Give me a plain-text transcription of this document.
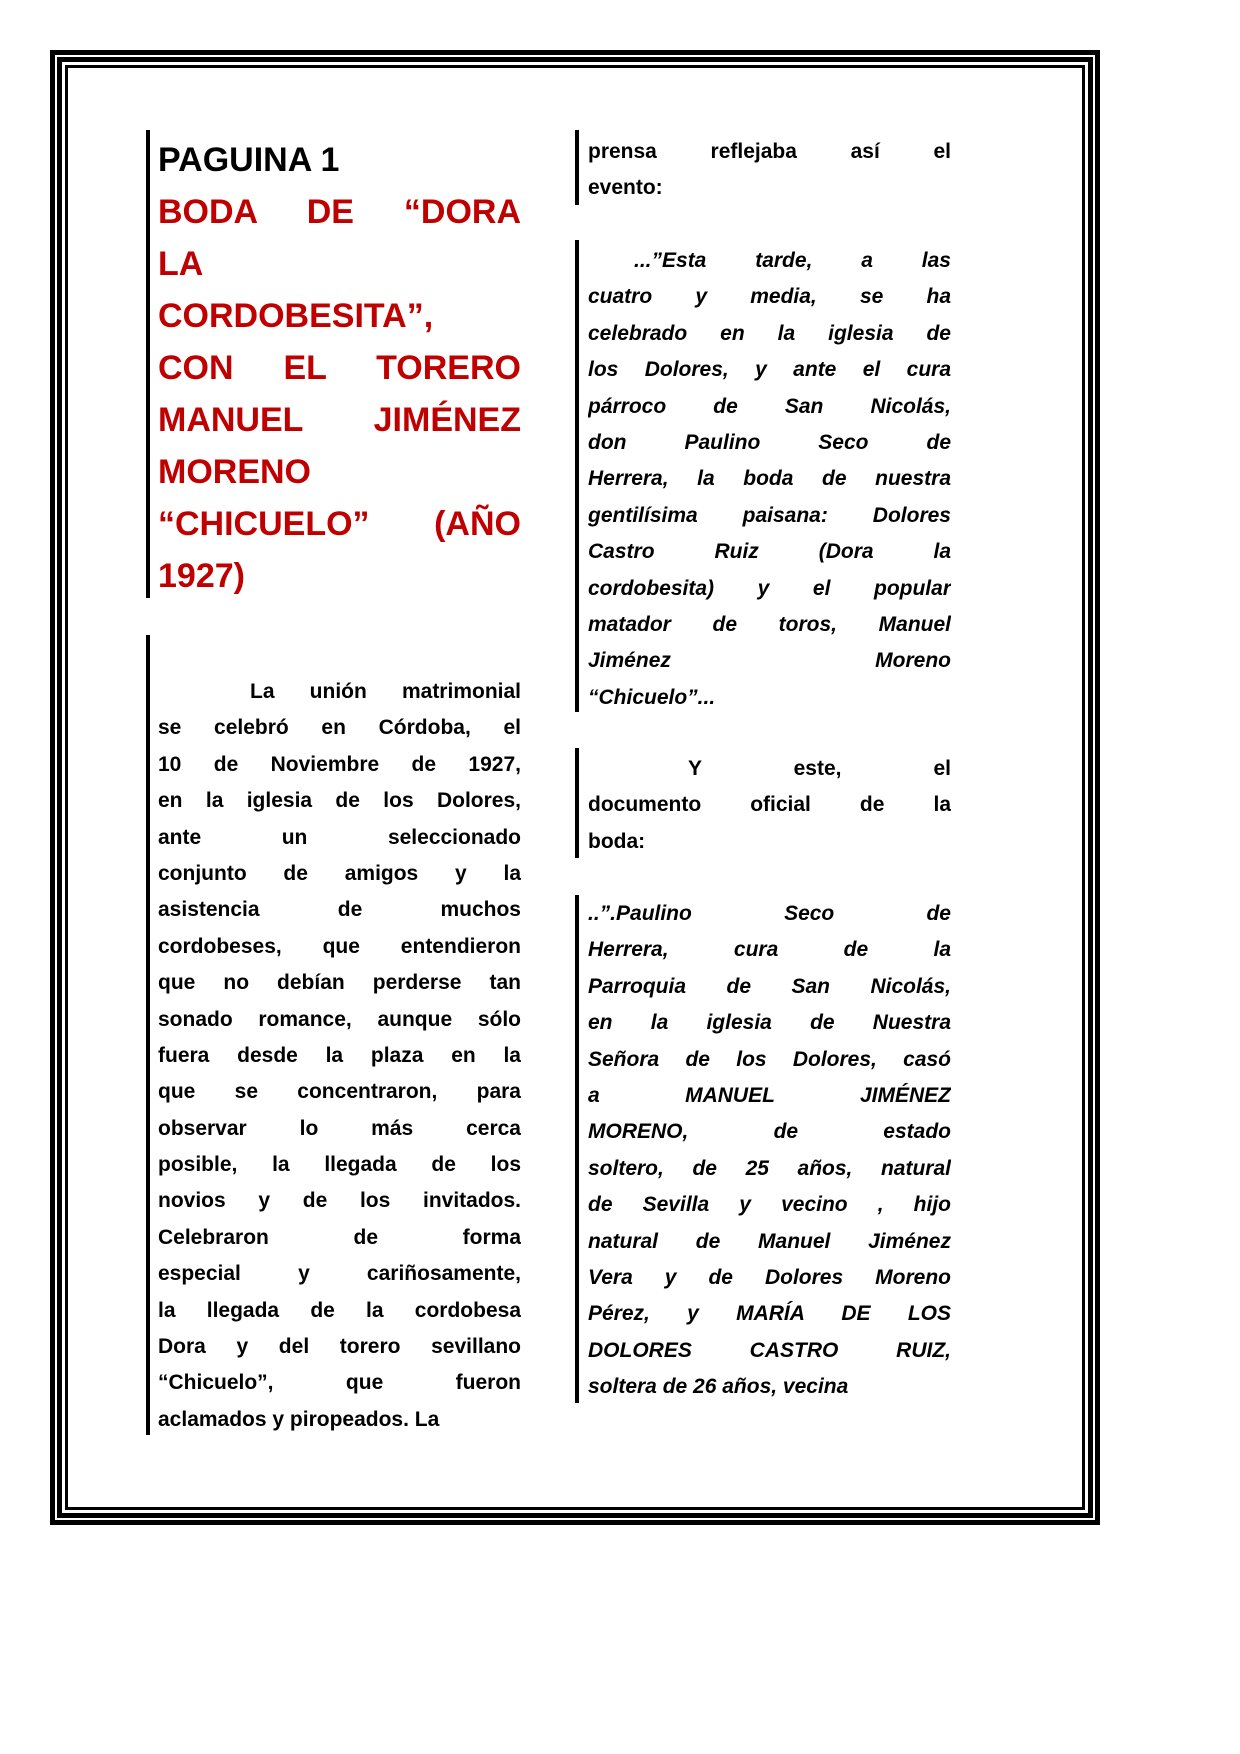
PAGUINA 1
BODA DE “DORA
LA
CORDOBESITA”,
CON EL TORERO
MANUEL JIMÉNEZ
MORENO
“CHICUELO” (AÑO
1927)
La unión matrimonial
se celebró en Córdoba, el
10 de Noviembre de 1927,
en la iglesia de los Dolores,
ante un seleccionado
conjunto de amigos y la
asistencia de muchos
cordobeses, que entendieron
que no debían perderse tan
sonado romance, aunque sólo
fuera desde la plaza en la
que se concentraron, para
observar lo más cerca
posible, la llegada de los
novios y de los invitados.
Celebraron de forma
especial y cariñosamente,
la llegada de la cordobesa
Dora y del torero sevillano
“Chicuelo”, que fueron
aclamados y piropeados. La
prensa reflejaba así el
evento:
...”Esta tarde, a las
cuatro y media, se ha
celebrado en la iglesia de
los Dolores, y ante el cura
párroco de San Nicolás,
don Paulino Seco de
Herrera, la boda de nuestra
gentilísima paisana: Dolores
Castro Ruiz (Dora la
cordobesita) y el popular
matador de toros, Manuel
Jiménez Moreno
“Chicuelo”...
Y este, el
documento oficial de la
boda:
..”.Paulino Seco de
Herrera, cura de la
Parroquia de San Nicolás,
en la iglesia de Nuestra
Señora de los Dolores, casó
a MANUEL JIMÉNEZ
MORENO, de estado
soltero, de 25 años, natural
de Sevilla y vecino , hijo
natural de Manuel Jiménez
Vera y de Dolores Moreno
Pérez, y MARÍA DE LOS
DOLORES CASTRO RUIZ,
soltera de 26 años, vecina
